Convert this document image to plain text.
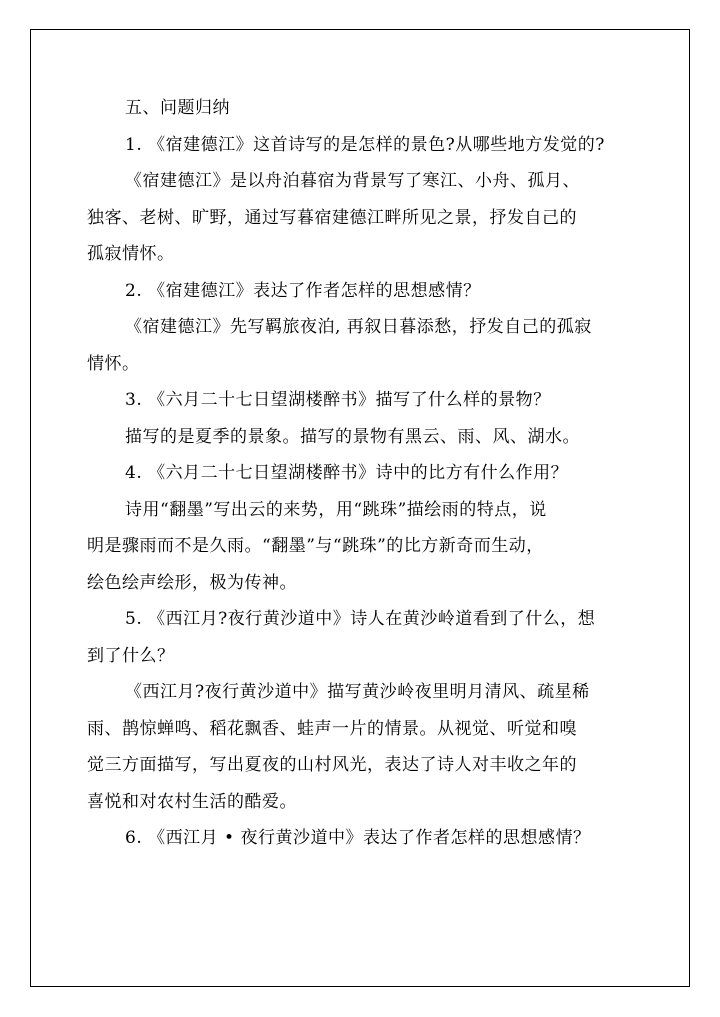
五、问题归纳
1. 《宿建德江》这首诗写的是怎样的景色?从哪些地方发觉的?
《宿建德江》是以舟泊暮宿为背景写了寒江、小舟、孤月、
独客、老树、旷野，通过写暮宿建德江畔所见之景，抒发自己的
孤寂情怀。
2. 《宿建德江》表达了作者怎样的思想感情？
《宿建德江》先写羁旅夜泊, 再叙日暮添愁，抒发自己的孤寂
情怀。
3. 《六月二十七日望湖楼醉书》描写了什么样的景物？
描写的是夏季的景象。描写的景物有黑云、雨、风、湖水。
4. 《六月二十七日望湖楼醉书》诗中的比方有什么作用？
诗用“翻墨”写出云的来势，用“跳珠”描绘雨的特点，说
明是骤雨而不是久雨。“翻墨”与“跳珠”的比方新奇而生动，
绘色绘声绘形，极为传神。
5. 《西江月?夜行黄沙道中》诗人在黄沙岭道看到了什么，想
到了什么？
《西江月?夜行黄沙道中》描写黄沙岭夜里明月清风、疏星稀
雨、鹊惊蝉鸣、稻花飘香、蛙声一片的情景。从视觉、听觉和嗅
觉三方面描写，写出夏夜的山村风光，表达了诗人对丰收之年的
喜悦和对农村生活的酷爱。
6. 《西江月 • 夜行黄沙道中》表达了作者怎样的思想感情？
